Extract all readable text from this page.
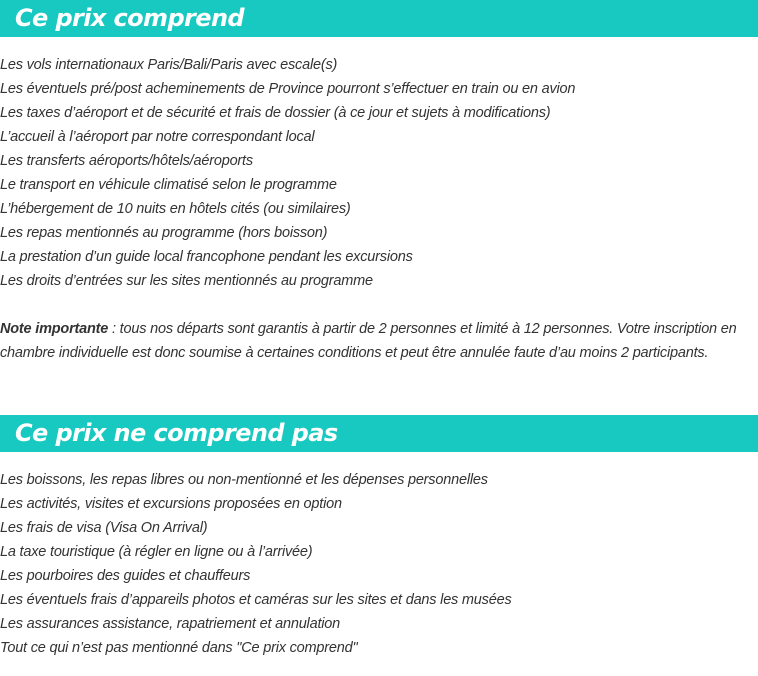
Ce prix comprend
Les vols internationaux Paris/Bali/Paris avec escale(s)
Les éventuels pré/post acheminements de Province pourront s’effectuer en train ou en avion
Les taxes d’aéroport et de sécurité et frais de dossier (à ce jour et sujets à modifications)
L’accueil à l’aéroport par notre correspondant local
Les transferts aéroports/hôtels/aéroports
Le transport en véhicule climatisé selon le programme
L’hébergement de 10 nuits en hôtels cités (ou similaires)
Les repas mentionnés au programme (hors boisson)
La prestation d’un guide local francophone pendant les excursions
Les droits d’entrées sur les sites mentionnés au programme

Note importante : tous nos départs sont garantis à partir de 2 personnes et limité à 12 personnes. Votre inscription en chambre individuelle est donc soumise à certaines conditions et peut être annulée faute d’au moins 2 participants.

Ce prix ne comprend pas
Les boissons, les repas libres ou non-mentionné et les dépenses personnelles
Les activités, visites et excursions proposées en option
Les frais de visa (Visa On Arrival)
La taxe touristique (à régler en ligne ou à l’arrivée)
Les pourboires des guides et chauffeurs
Les éventuels frais d’appareils photos et caméras sur les sites et dans les musées
Les assurances assistance, rapatriement et annulation
Tout ce qui n’est pas mentionné dans "Ce prix comprend"
